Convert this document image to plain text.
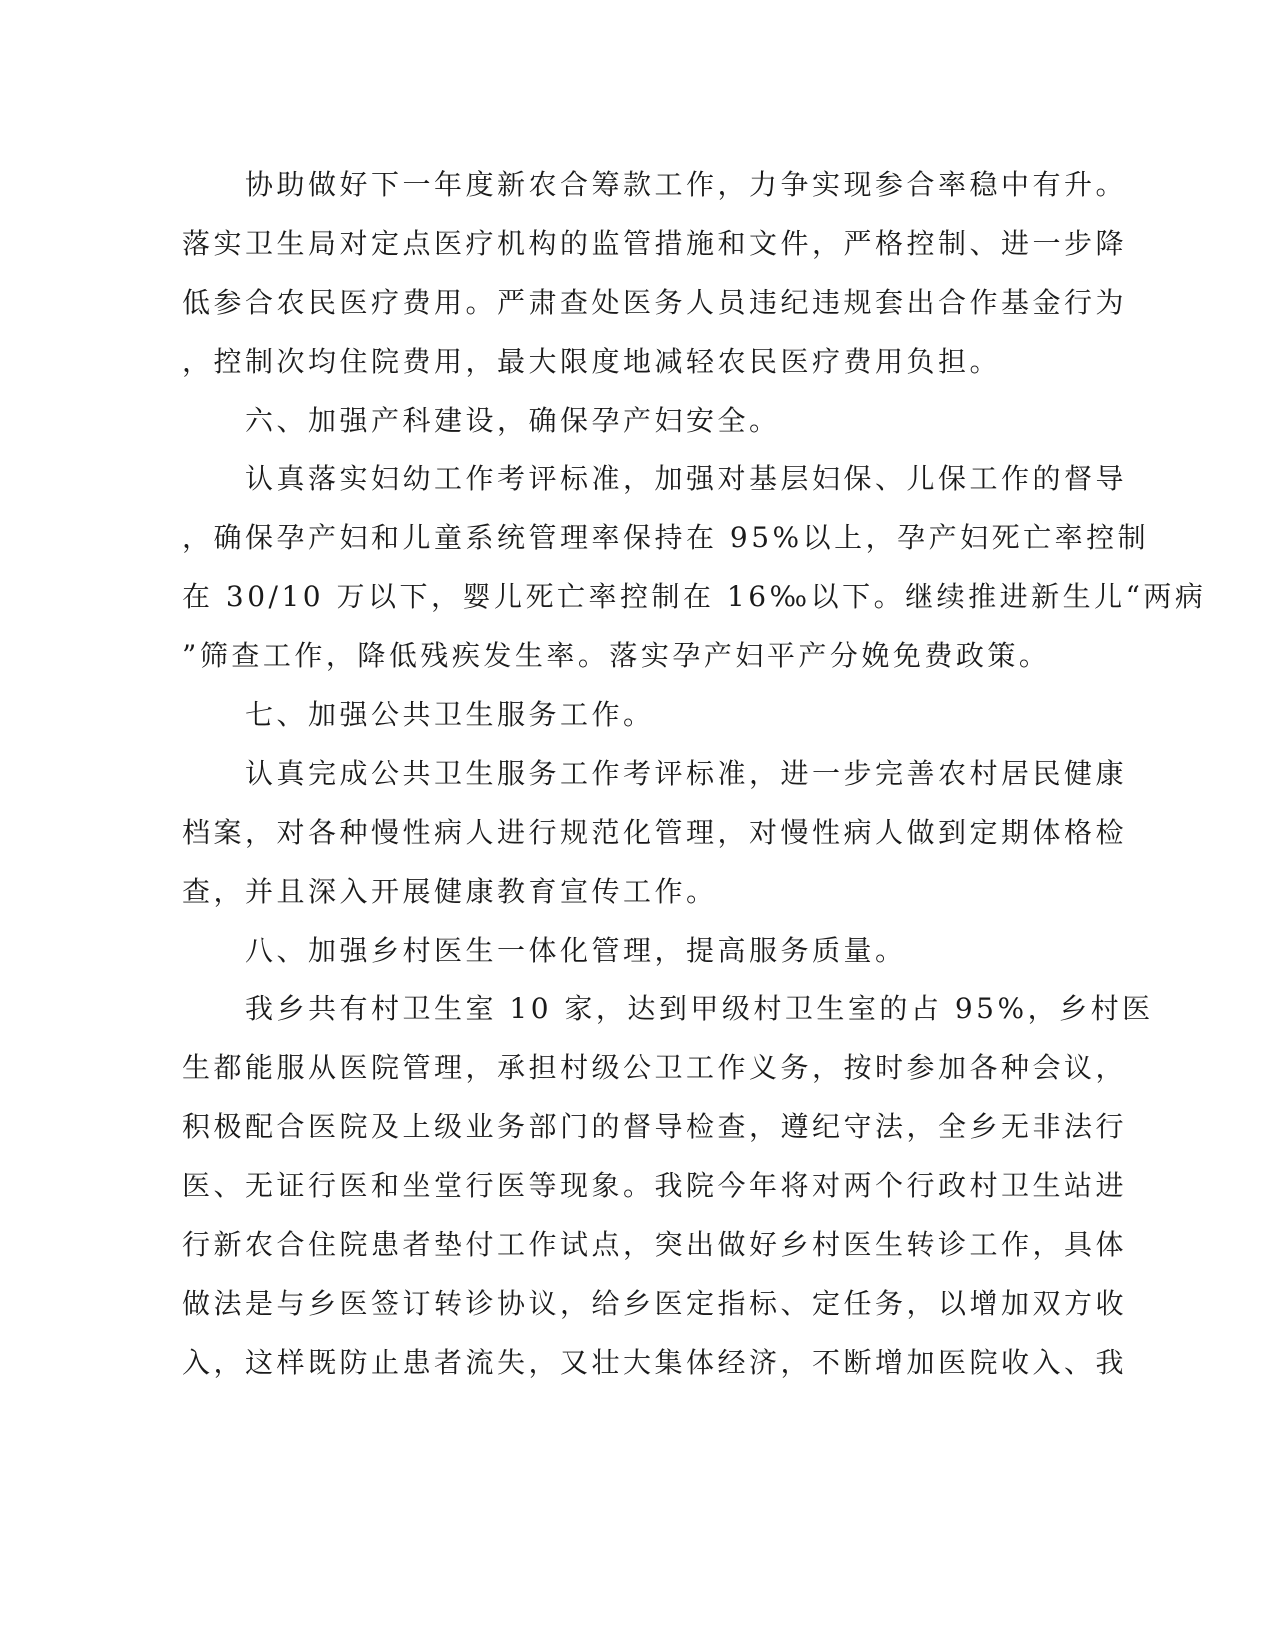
　　协助做好下一年度新农合筹款工作，力争实现参合率稳中有升。
落实卫生局对定点医疗机构的监管措施和文件，严格控制、进一步降
低参合农民医疗费用。严肃查处医务人员违纪违规套出合作基金行为
，控制次均住院费用，最大限度地减轻农民医疗费用负担。
　　六、加强产科建设，确保孕产妇安全。
　　认真落实妇幼工作考评标准，加强对基层妇保、儿保工作的督导
，确保孕产妇和儿童系统管理率保持在 95%以上，孕产妇死亡率控制
在 30/10 万以下，婴儿死亡率控制在 16‰以下。继续推进新生儿“两病
”筛查工作，降低残疾发生率。落实孕产妇平产分娩免费政策。
　　七、加强公共卫生服务工作。
　　认真完成公共卫生服务工作考评标准，进一步完善农村居民健康
档案，对各种慢性病人进行规范化管理，对慢性病人做到定期体格检
查，并且深入开展健康教育宣传工作。
　　八、加强乡村医生一体化管理，提高服务质量。
　　我乡共有村卫生室 10 家，达到甲级村卫生室的占 95%，乡村医
生都能服从医院管理，承担村级公卫工作义务，按时参加各种会议，
积极配合医院及上级业务部门的督导检查，遵纪守法，全乡无非法行
医、无证行医和坐堂行医等现象。我院今年将对两个行政村卫生站进
行新农合住院患者垫付工作试点，突出做好乡村医生转诊工作，具体
做法是与乡医签订转诊协议，给乡医定指标、定任务，以增加双方收
入，这样既防止患者流失，又壮大集体经济，不断增加医院收入、我
